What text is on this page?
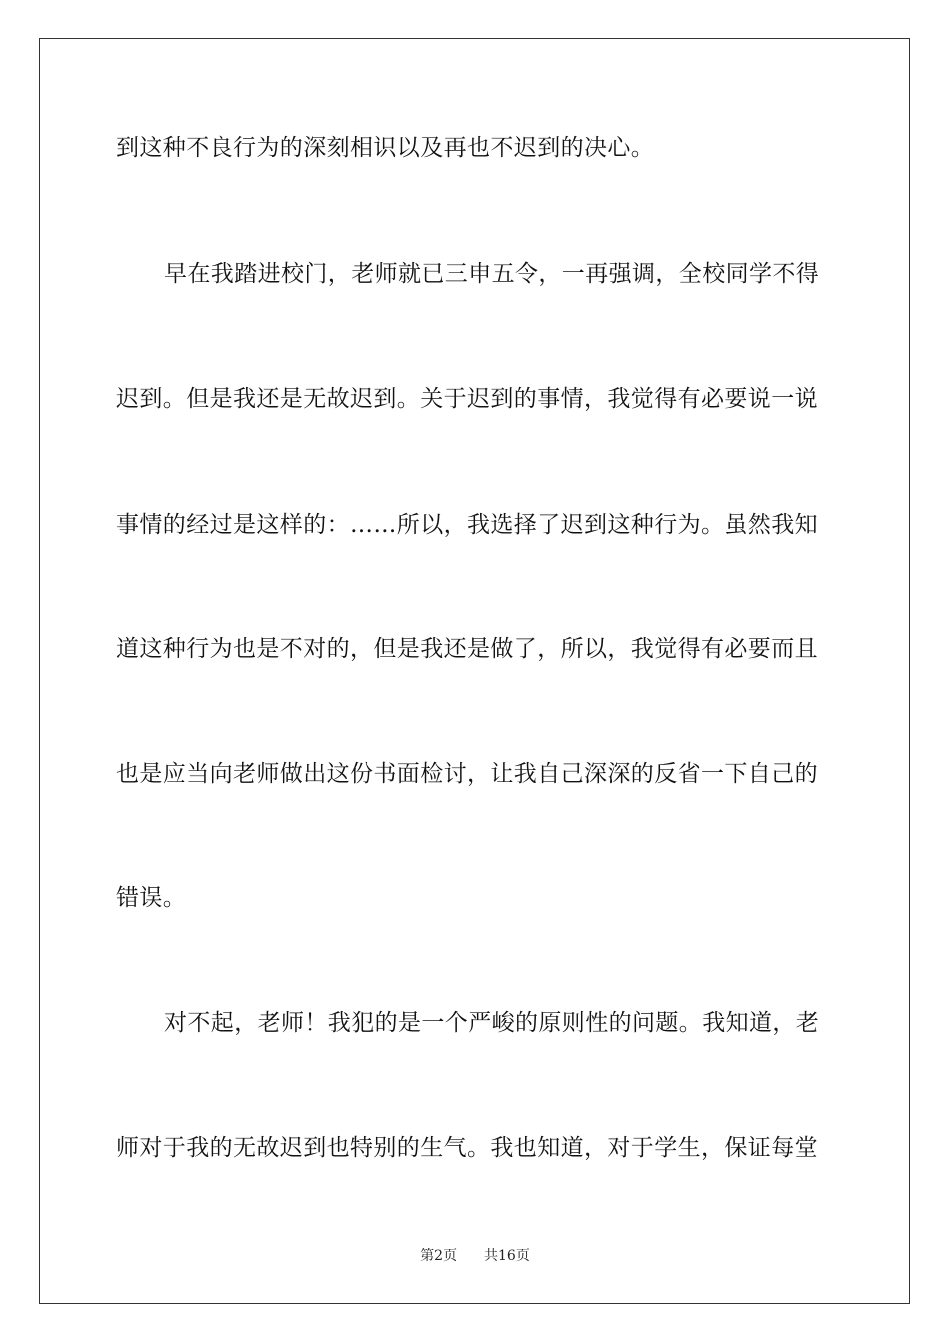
到这种不良行为的深刻相识以及再也不迟到的决心。
早在我踏进校门，老师就已三申五令，一再强调，全校同学不得
迟到。但是我还是无故迟到。关于迟到的事情，我觉得有必要说一说
事情的经过是这样的：……所以，我选择了迟到这种行为。虽然我知
道这种行为也是不对的，但是我还是做了，所以，我觉得有必要而且
也是应当向老师做出这份书面检讨，让我自己深深的反省一下自己的
错误。
对不起，老师！我犯的是一个严峻的原则性的问题。我知道，老
师对于我的无故迟到也特别的生气。我也知道，对于学生，保证每堂
第2页 共16页
